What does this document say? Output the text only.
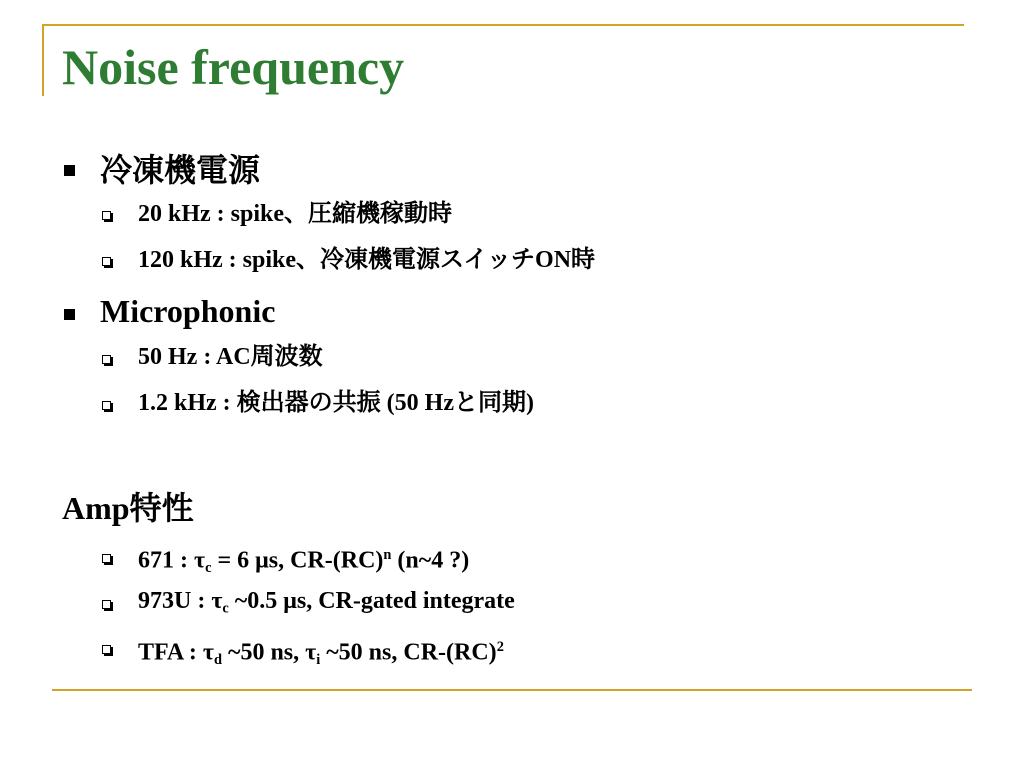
Noise frequency
冷凍機電源
20 kHz : spike、圧縮機稼動時
120 kHz : spike、冷凍機電源スイッチON時
Microphonic
50 Hz : AC周波数
1.2 kHz : 検出器の共振 (50 Hzと同期)
Amp特性
671 : $\tau_c = 6$ μs, CR-(RC)$^n$ (n~4 ?)
973U : $\tau_c$ ~0.5 μs, CR-gated integrate
TFA : $\tau_d$ ~50 ns, $\tau_i$ ~50 ns, CR-(RC)$^2$
